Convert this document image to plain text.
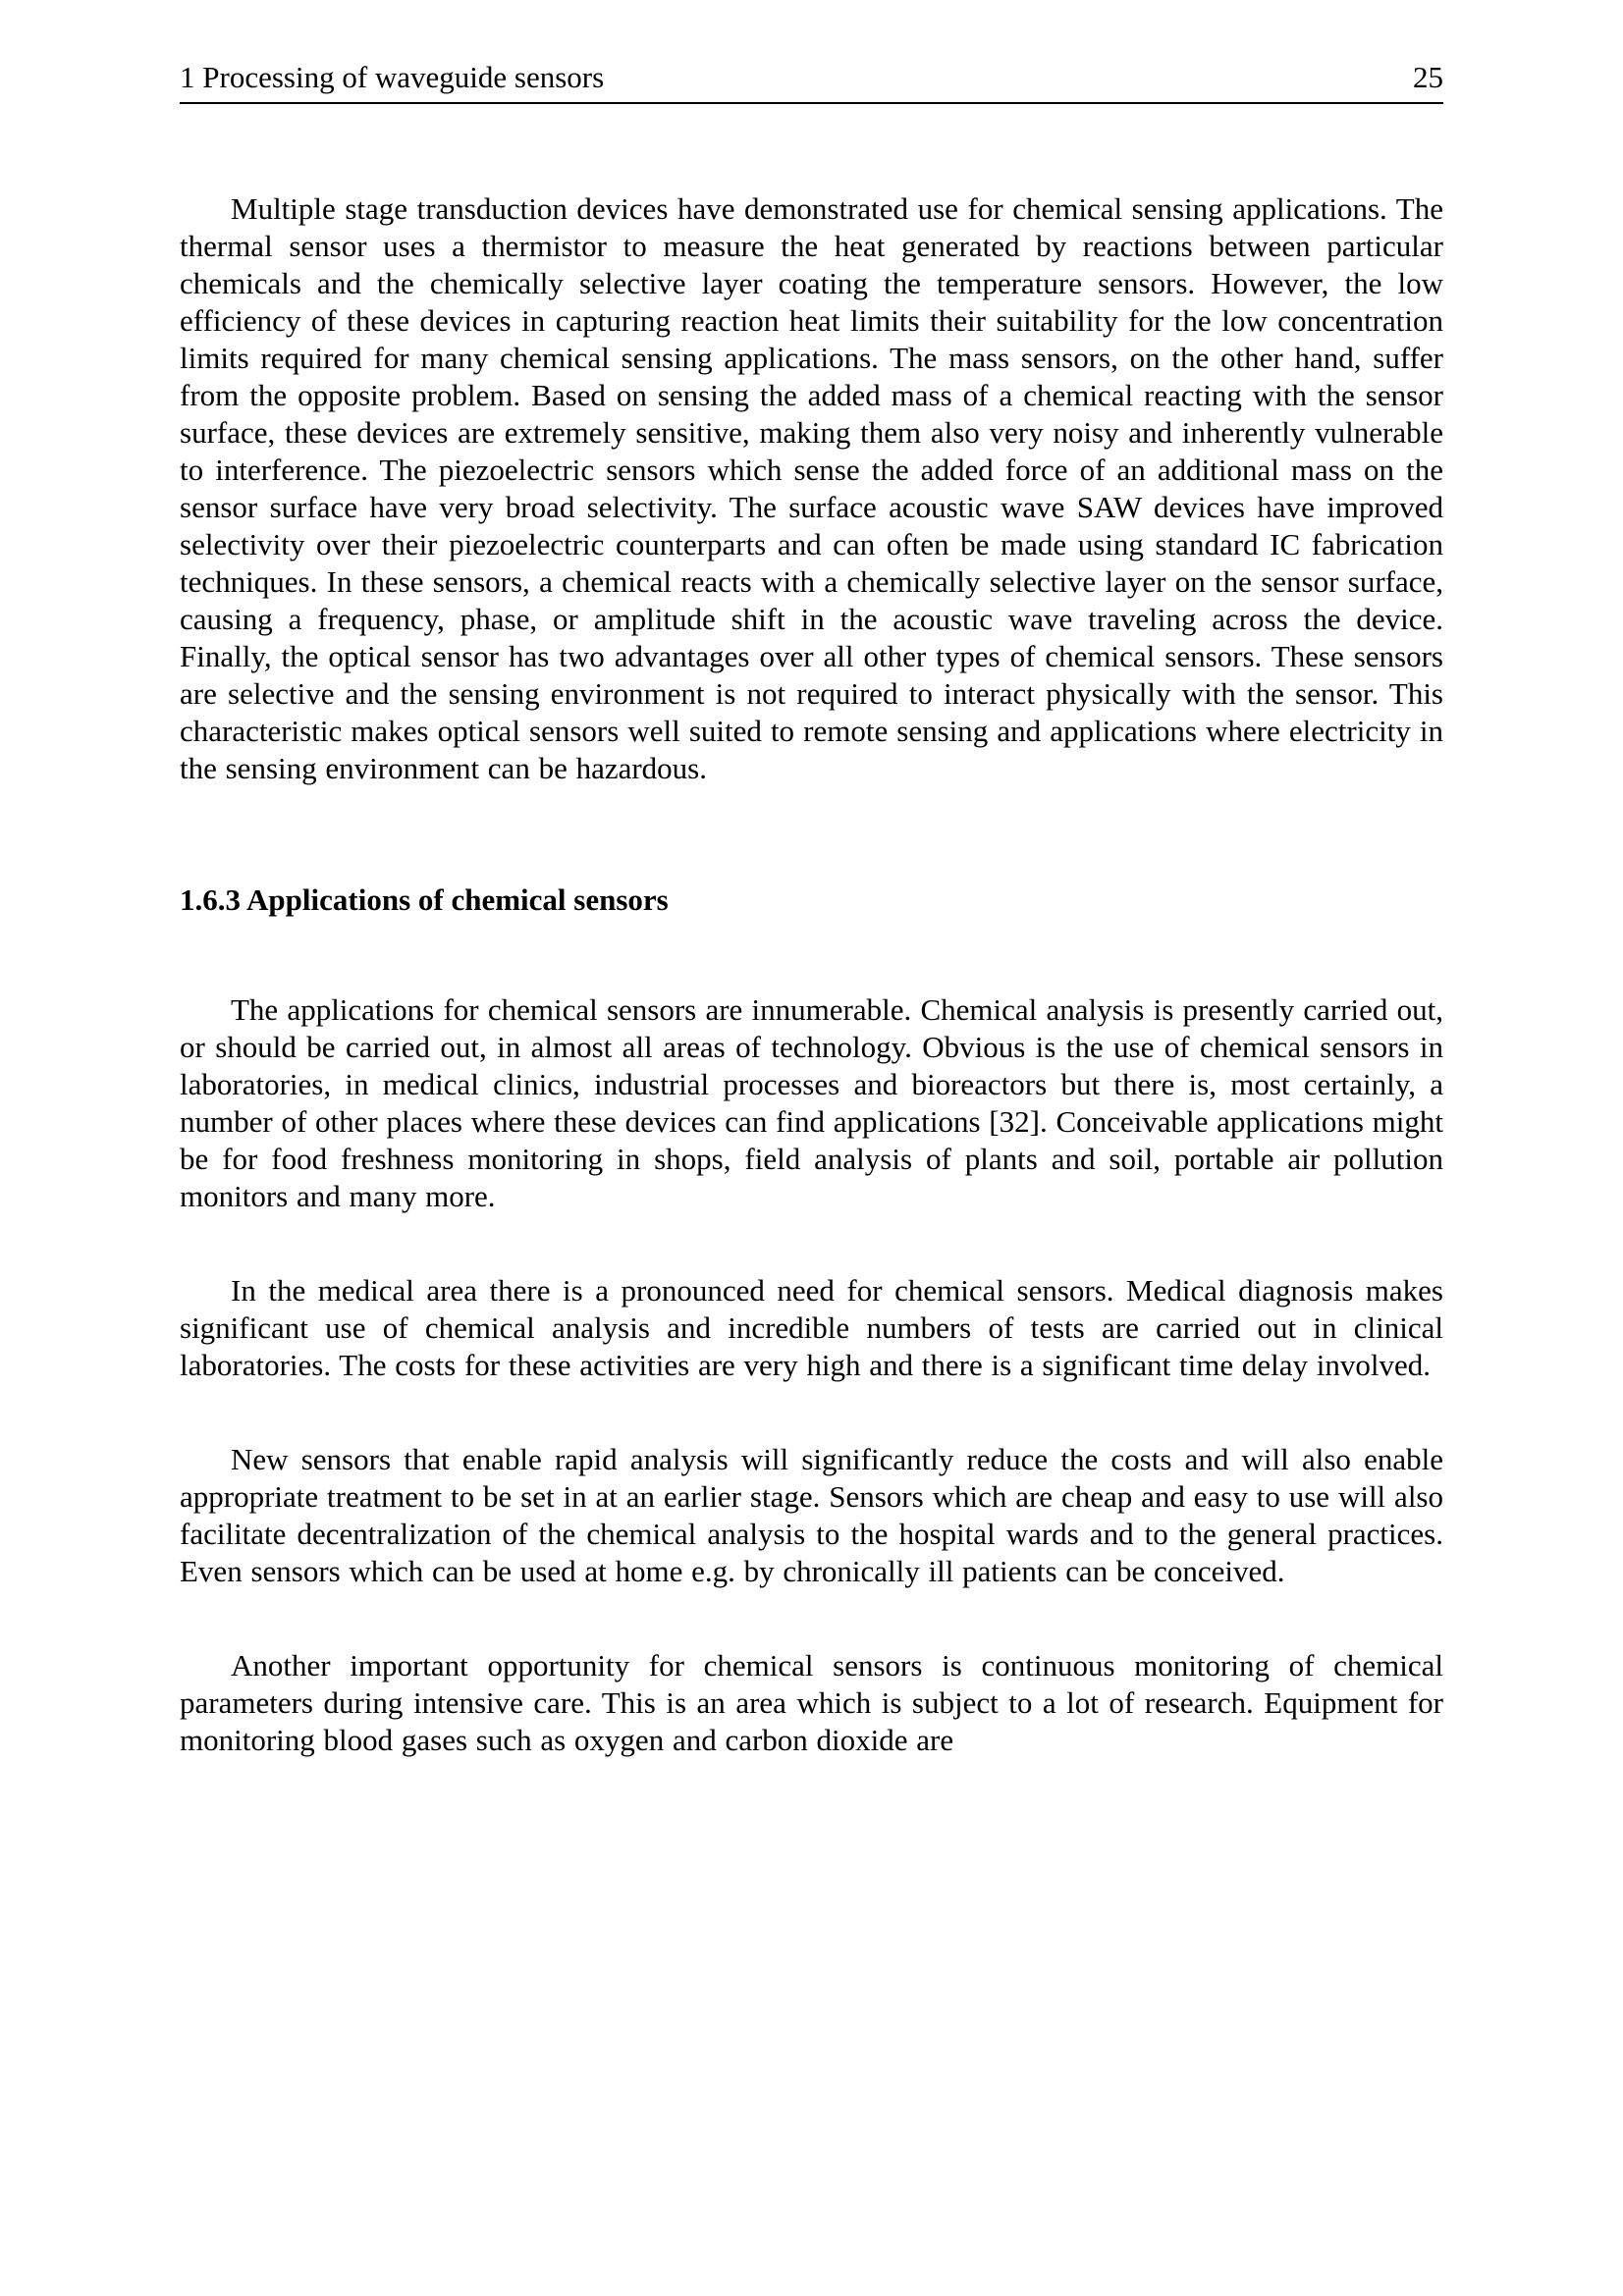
1 Processing of waveguide sensors	25

Multiple stage transduction devices have demonstrated use for chemical sensing applications. The thermal sensor uses a thermistor to measure the heat generated by reactions between particular chemicals and the chemically selective layer coating the temperature sensors. However, the low efficiency of these devices in capturing reaction heat limits their suitability for the low concentration limits required for many chemical sensing applications. The mass sensors, on the other hand, suffer from the opposite problem. Based on sensing the added mass of a chemical reacting with the sensor surface, these devices are extremely sensitive, making them also very noisy and inherently vulnerable to interference. The piezoelectric sensors which sense the added force of an additional mass on the sensor surface have very broad selectivity. The surface acoustic wave SAW devices have improved selectivity over their piezoelectric counterparts and can often be made using standard IC fabrication techniques. In these sensors, a chemical reacts with a chemically selective layer on the sensor surface, causing a frequency, phase, or amplitude shift in the acoustic wave traveling across the device. Finally, the optical sensor has two advantages over all other types of chemical sensors. These sensors are selective and the sensing environment is not required to interact physically with the sensor. This characteristic makes optical sensors well suited to remote sensing and applications where electricity in the sensing environment can be hazardous.

1.6.3 Applications of chemical sensors

The applications for chemical sensors are innumerable. Chemical analysis is presently carried out, or should be carried out, in almost all areas of technology. Obvious is the use of chemical sensors in laboratories, in medical clinics, industrial processes and bioreactors but there is, most certainly, a number of other places where these devices can find applications [32]. Conceivable applications might be for food freshness monitoring in shops, field analysis of plants and soil, portable air pollution monitors and many more.

In the medical area there is a pronounced need for chemical sensors. Medical diagnosis makes significant use of chemical analysis and incredible numbers of tests are carried out in clinical laboratories. The costs for these activities are very high and there is a significant time delay involved.

New sensors that enable rapid analysis will significantly reduce the costs and will also enable appropriate treatment to be set in at an earlier stage. Sensors which are cheap and easy to use will also facilitate decentralization of the chemical analysis to the hospital wards and to the general practices. Even sensors which can be used at home e.g. by chronically ill patients can be conceived.

Another important opportunity for chemical sensors is continuous monitoring of chemical parameters during intensive care. This is an area which is subject to a lot of research. Equipment for monitoring blood gases such as oxygen and carbon dioxide are
